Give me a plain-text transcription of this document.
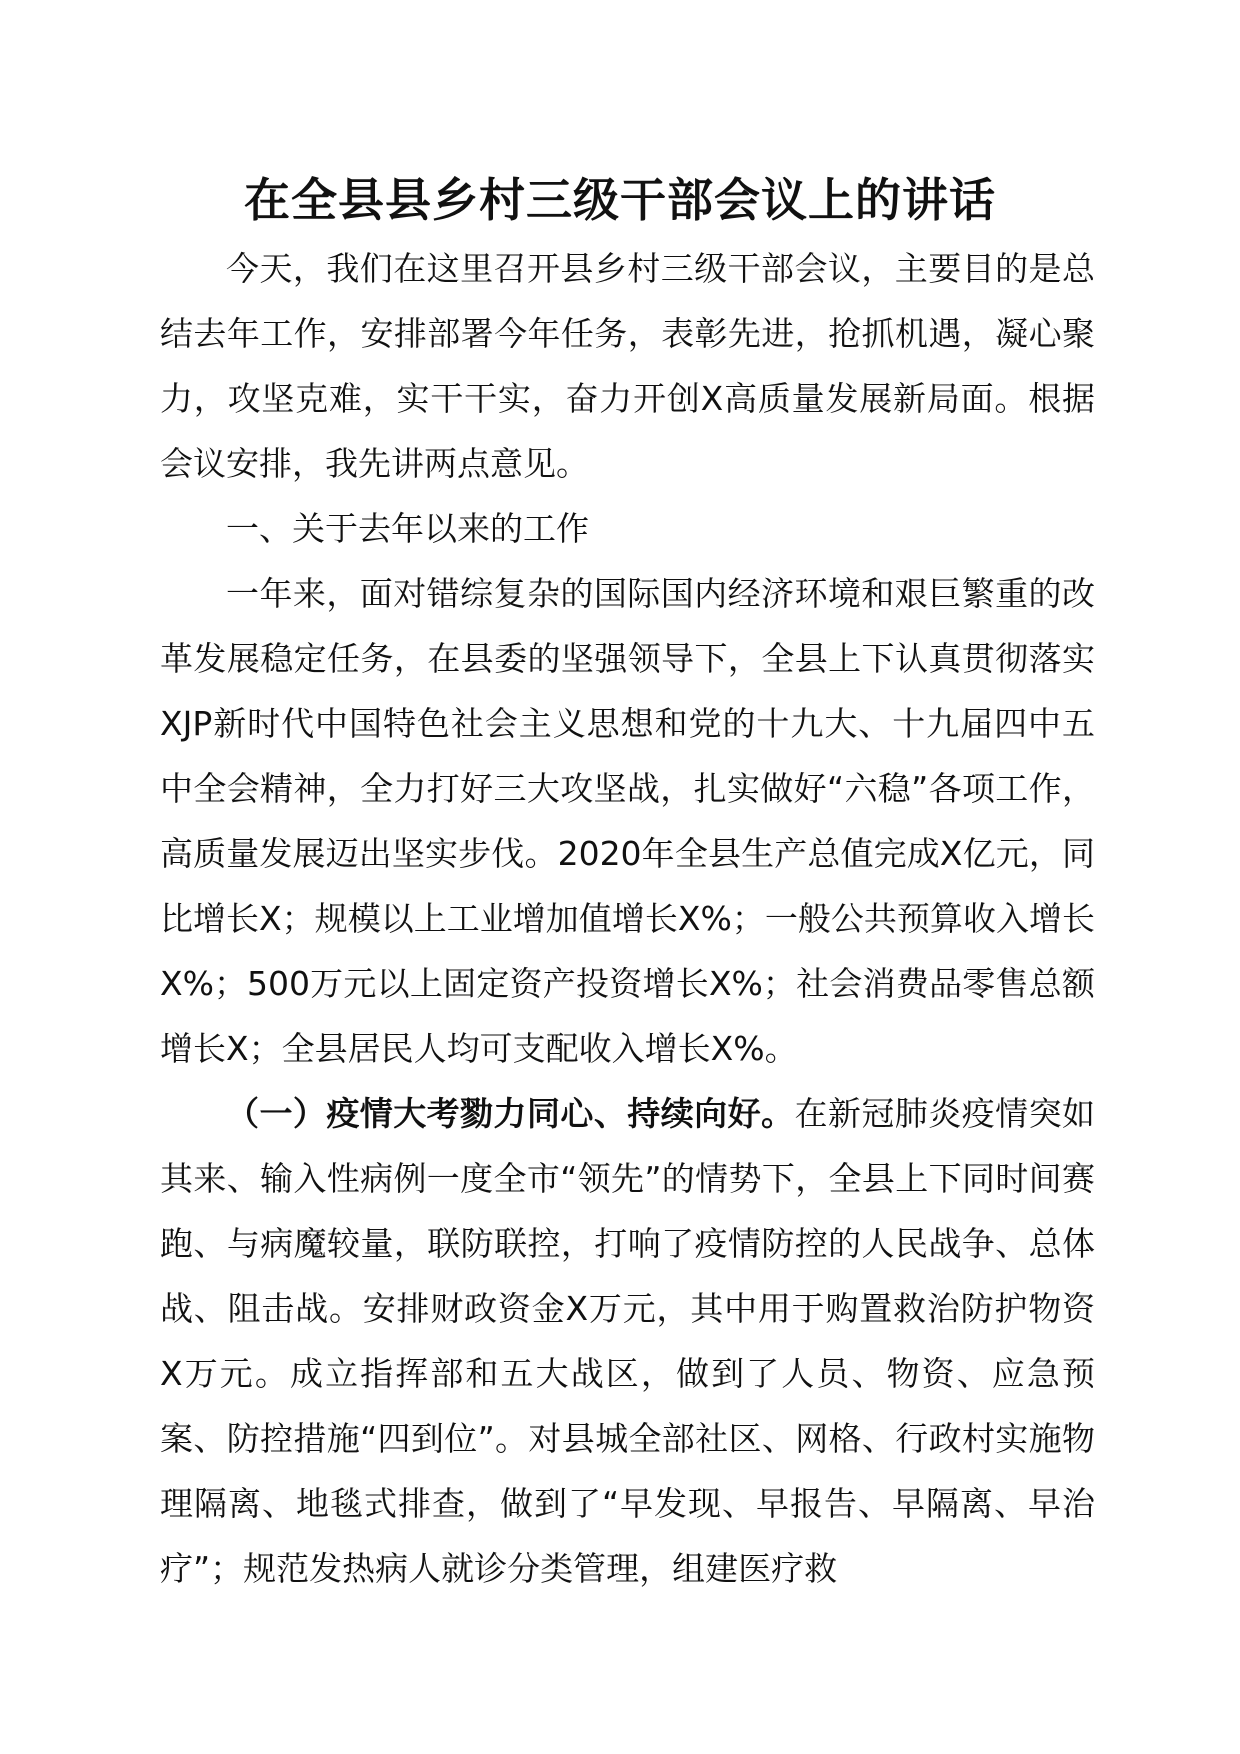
在全县县乡村三级干部会议上的讲话

今天，我们在这里召开县乡村三级干部会议，主要目的是总结去年工作，安排部署今年任务，表彰先进，抢抓机遇，凝心聚力，攻坚克难，实干干实，奋力开创X高质量发展新局面。根据会议安排，我先讲两点意见。

一、关于去年以来的工作

一年来，面对错综复杂的国际国内经济环境和艰巨繁重的改革发展稳定任务，在县委的坚强领导下，全县上下认真贯彻落实XJP新时代中国特色社会主义思想和党的十九大、十九届四中五中全会精神，全力打好三大攻坚战，扎实做好“六稳”各项工作，高质量发展迈出坚实步伐。2020年全县生产总值完成X亿元，同比增长X；规模以上工业增加值增长X%；一般公共预算收入增长X%；500万元以上固定资产投资增长X%；社会消费品零售总额增长X；全县居民人均可支配收入增长X%。

（一）疫情大考勠力同心、持续向好。在新冠肺炎疫情突如其来、输入性病例一度全市“领先”的情势下，全县上下同时间赛跑、与病魔较量，联防联控，打响了疫情防控的人民战争、总体战、阻击战。安排财政资金X万元，其中用于购置救治防护物资X万元。成立指挥部和五大战区，做到了人员、物资、应急预案、防控措施“四到位”。对县城全部社区、网格、行政村实施物理隔离、地毯式排查，做到了“早发现、早报告、早隔离、早治疗”；规范发热病人就诊分类管理，组建医疗救
